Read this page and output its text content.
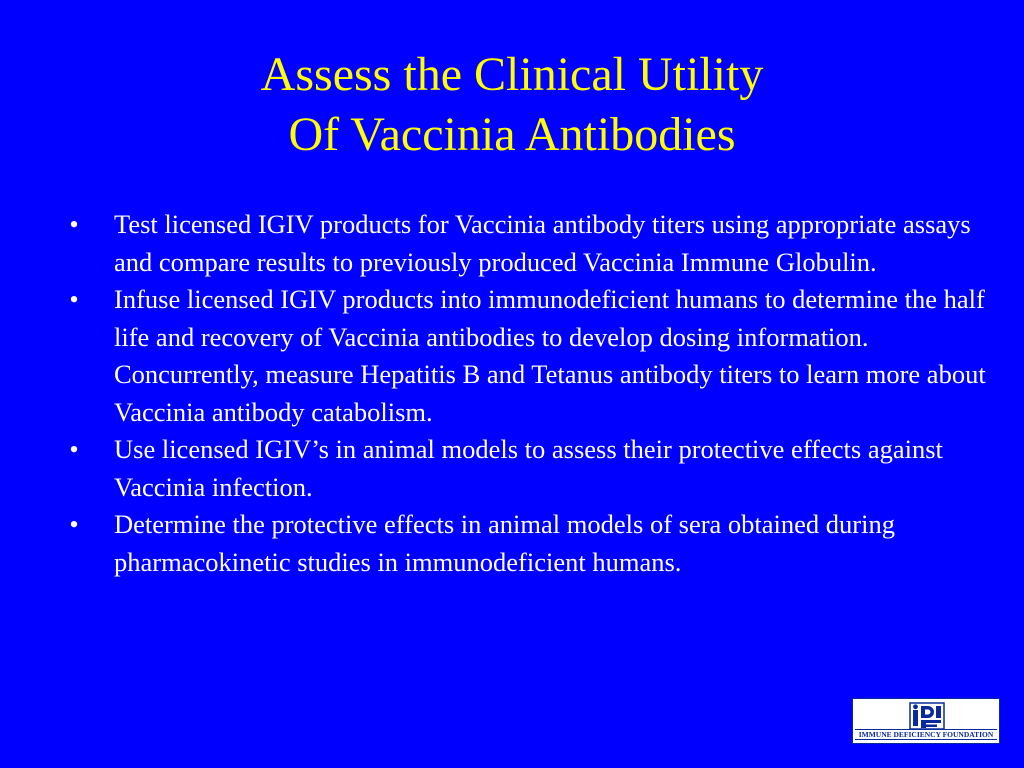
Assess the Clinical Utility
Of Vaccinia Antibodies
• Test licensed IGIV products for Vaccinia antibody titers using appropriate assays and compare results to previously produced Vaccinia Immune Globulin.
• Infuse licensed IGIV products into immunodeficient humans to determine the half life and recovery of Vaccinia antibodies to develop dosing information. Concurrently, measure Hepatitis B and Tetanus antibody titers to learn more about Vaccinia antibody catabolism.
• Use licensed IGIV’s in animal models to assess their protective effects against Vaccinia infection.
• Determine the protective effects in animal models of sera obtained during pharmacokinetic studies in immunodeficient humans.
IMMUNE DEFICIENCY FOUNDATION
